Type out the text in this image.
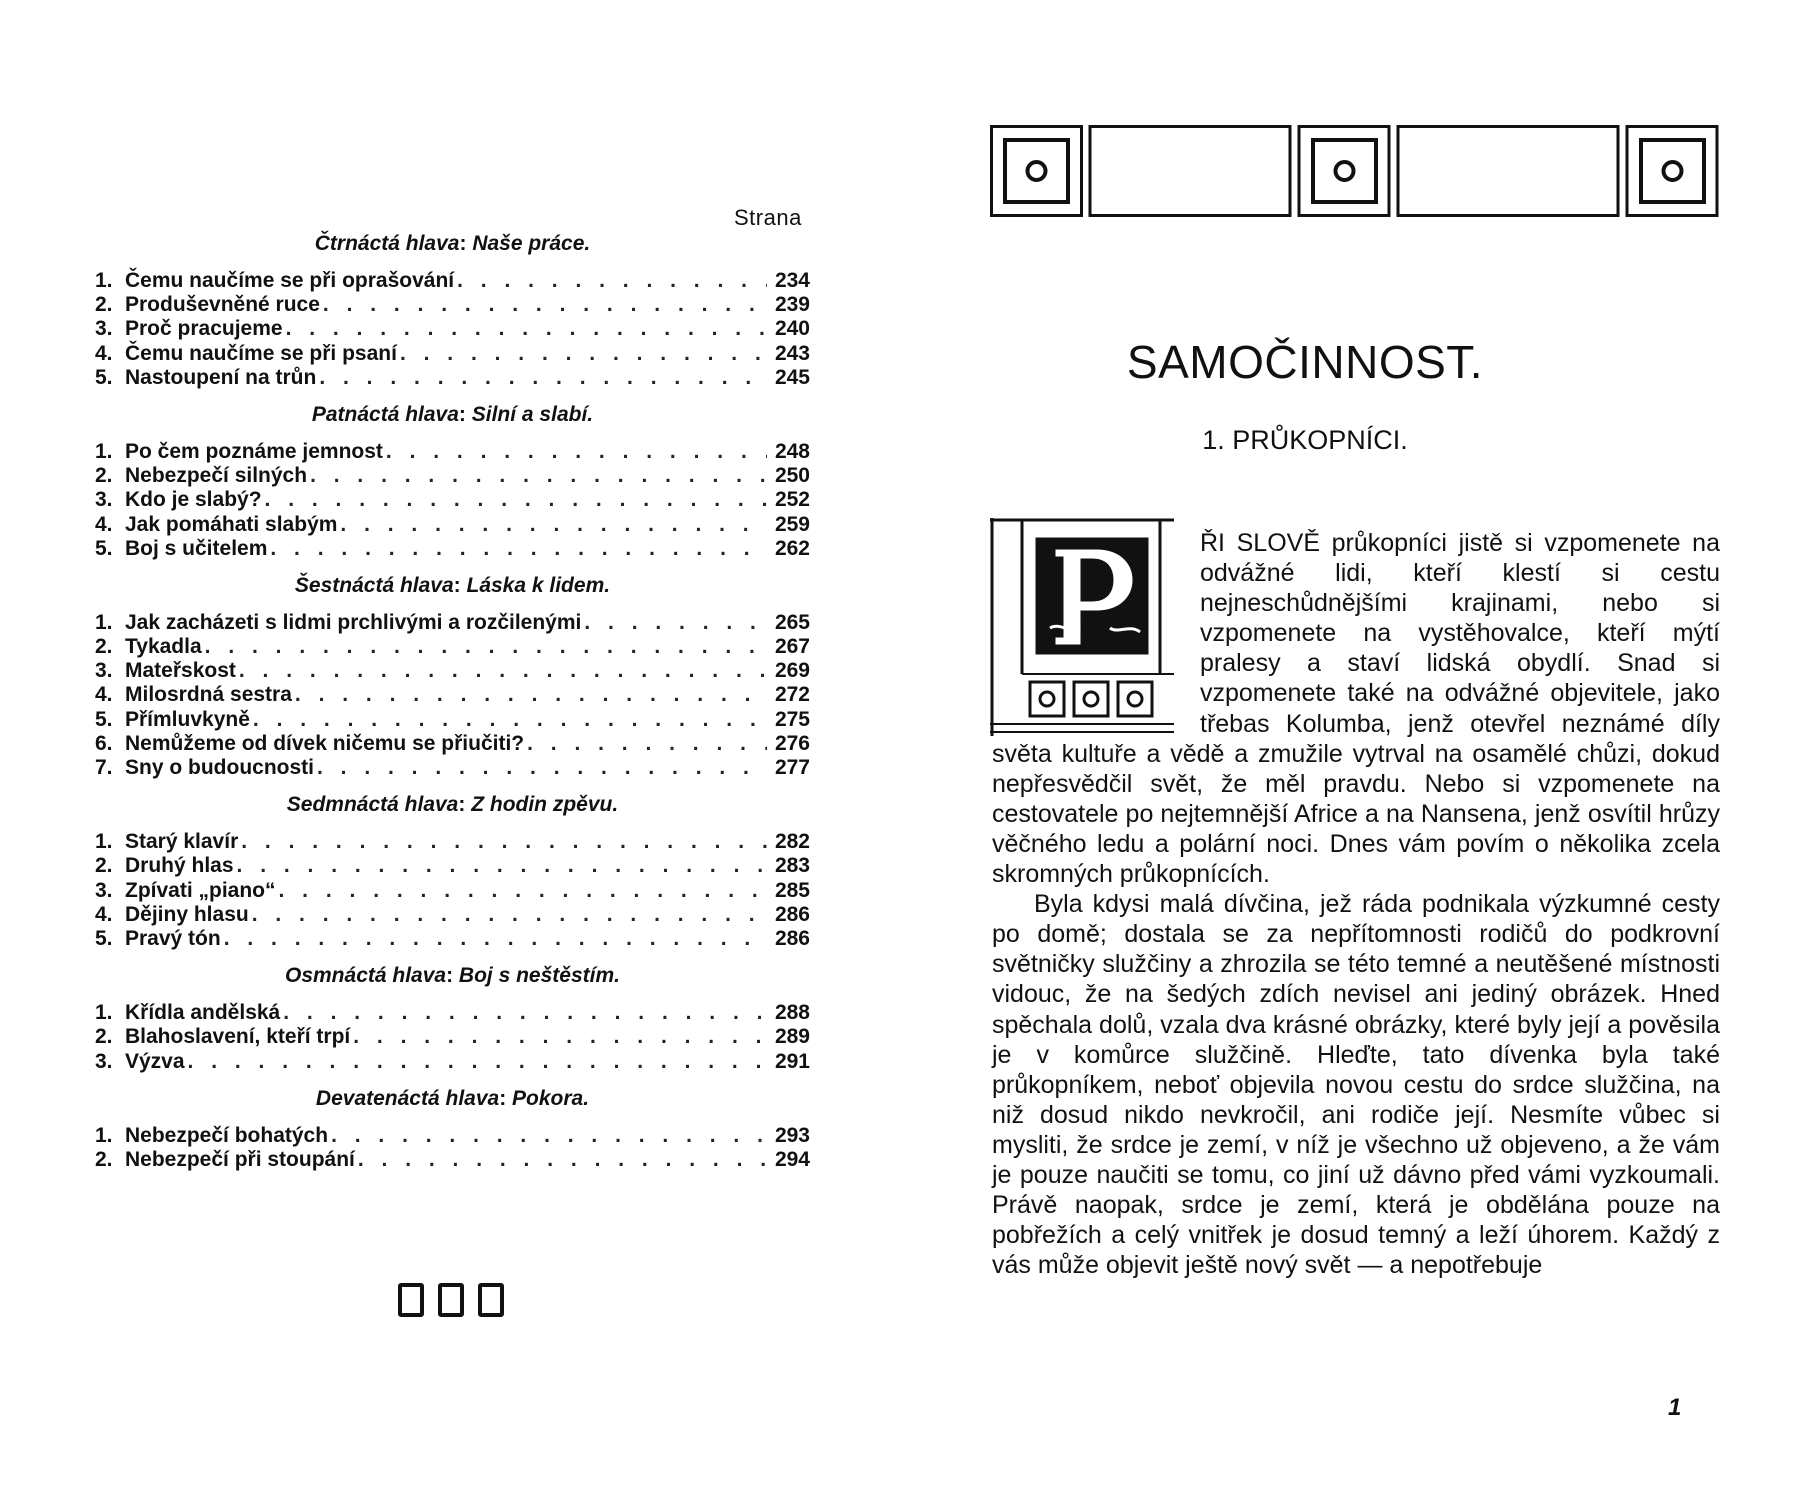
Strana
Čtrnáctá hlava: Naše práce.
1. Čemu naučíme se při oprašování . . .	234
2. Produševněné ruce . . .	239
3. Proč pracujeme . . .	240
4. Čemu naučíme se při psaní . . .	243
5. Nastoupení na trůn . . .	245
Patnáctá hlava: Silní a slabí.
1. Po čem poznáme jemnost . . .	248
2. Nebezpečí silných . . .	250
3. Kdo je slabý? . . .	252
4. Jak pomáhati slabým . . .	259
5. Boj s učitelem . . .	262
Šestnáctá hlava: Láska k lidem.
1. Jak zacházeti s lidmi prchlivými a rozčilenými . . .	265
2. Tykadla . . .	267
3. Mateřskost . . .	269
4. Milosrdná sestra . . .	272
5. Přímluvkyně . . .	275
6. Nemůžeme od dívek ničemu se přiučiti? . . .	276
7. Sny o budoucnosti . . .	277
Sedmnáctá hlava: Z hodin zpěvu.
1. Starý klavír . . .	282
2. Druhý hlas . . .	283
3. Zpívati „piano“ . . .	285
4. Dějiny hlasu . . .	286
5. Pravý tón . . .	286
Osmnáctá hlava: Boj s neštěstím.
1. Křídla andělská . . .	288
2. Blahoslavení, kteří trpí . . .	289
3. Výzva . . .	291
Devatenáctá hlava: Pokora.
1. Nebezpečí bohatých . . .	293
2. Nebezpečí při stoupání . . .	294
SAMOČINNOST.
1. PRŮKOPNÍCI.

ŘI SLOVĚ průkopníci jistě si vzpomenete na odvážné lidi, kteří klestí si cestu nejneschůdnějšími krajinami, nebo si vzpomenete na vystěhovalce, kteří mýtí pralesy a staví lidská obydlí. Snad si vzpomenete také na odvážné objevitele, jako třebas Kolumba, jenž otevřel neznámé díly světa kultuře a vědě a zmužile vytrval na osamělé chůzi, dokud nepřesvědčil svět, že měl pravdu. Nebo si vzpomenete na cestovatele po nejtemnější Africe a na Nansena, jenž osvítil hrůzy věčného ledu a polární noci. Dnes vám povím o několika zcela skromných průkopnících.

Byla kdysi malá dívčina, jež ráda podnikala výzkumné cesty po domě; dostala se za nepřítomnosti rodičů do podkrovní světničky služčiny a zhrozila se této temné a neutěšené místnosti vidouc, že na šedých zdích nevisel ani jediný obrázek. Hned spěchala dolů, vzala dva krásné obrázky, které byly její a pověsila je v komůrce služčině. Hleďte, tato dívenka byla také průkopníkem, neboť objevila novou cestu do srdce služčina, na niž dosud nikdo nevkročil, ani rodiče její. Nesmíte vůbec si mysliti, že srdce je zemí, v níž je všechno už objeveno, a že vám je pouze naučiti se tomu, co jiní už dávno před vámi vyzkoumali. Právě naopak, srdce je zemí, která je obdělána pouze na pobřežích a celý vnitřek je dosud temný a leží úhorem. Každý z vás může objevit ještě nový svět — a nepotřebuje

1
